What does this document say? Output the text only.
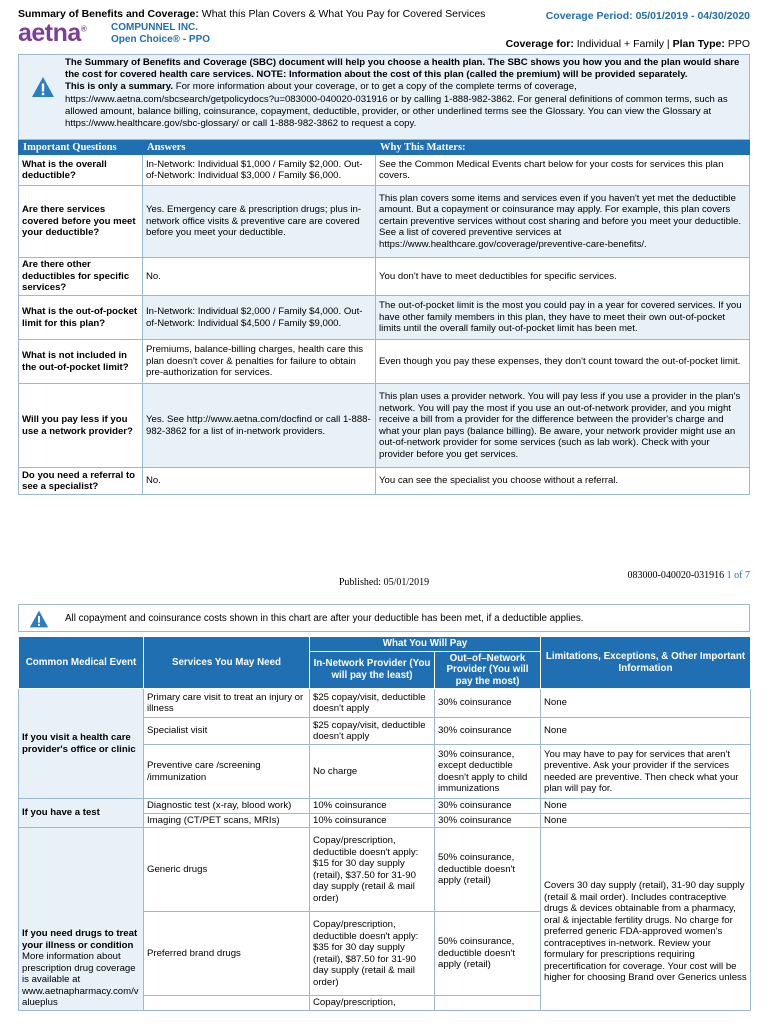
Summary of Benefits and Coverage: What this Plan Covers & What You Pay for Covered Services	Coverage Period: 05/01/2019 - 04/30/2020
aetna® COMPUNNEL INC.
Open Choice® - PPO	Coverage for: Individual + Family | Plan Type: PPO
The Summary of Benefits and Coverage (SBC) document will help you choose a health plan. The SBC shows you how you and the plan would share the cost for covered health care services. NOTE: Information about the cost of this plan (called the premium) will be provided separately.
This is only a summary. For more information about your coverage, or to get a copy of the complete terms of coverage, https://www.aetna.com/sbcsearch/getpolicydocs?u=083000-040020-031916 or by calling 1-888-982-3862. For general definitions of common terms, such as allowed amount, balance billing, coinsurance, copayment, deductible, provider, or other underlined terms see the Glossary. You can view the Glossary at https://www.healthcare.gov/sbc-glossary/ or call 1-888-982-3862 to request a copy.
Important Questions	Answers	Why This Matters:
What is the overall deductible?	In-Network: Individual $1,000 / Family $2,000. Out-of-Network: Individual $3,000 / Family $6,000.	See the Common Medical Events chart below for your costs for services this plan covers.
Are there services covered before you meet your deductible?	Yes. Emergency care & prescription drugs; plus in-network office visits & preventive care are covered before you meet your deductible.	This plan covers some items and services even if you haven't yet met the deductible amount. But a copayment or coinsurance may apply. For example, this plan covers certain preventive services without cost sharing and before you meet your deductible. See a list of covered preventive services at https://www.healthcare.gov/coverage/preventive-care-benefits/.
Are there other deductibles for specific services?	No.	You don't have to meet deductibles for specific services.
What is the out-of-pocket limit for this plan?	In-Network: Individual $2,000 / Family $4,000. Out-of-Network: Individual $4,500 / Family $9,000.	The out-of-pocket limit is the most you could pay in a year for covered services. If you have other family members in this plan, they have to meet their own out-of-pocket limits until the overall family out-of-pocket limit has been met.
What is not included in the out-of-pocket limit?	Premiums, balance-billing charges, health care this plan doesn't cover & penalties for failure to obtain pre-authorization for services.	Even though you pay these expenses, they don't count toward the out-of-pocket limit.
Will you pay less if you use a network provider?	Yes. See http://www.aetna.com/docfind or call 1-888-982-3862 for a list of in-network providers.	This plan uses a provider network. You will pay less if you use a provider in the plan's network. You will pay the most if you use an out-of-network provider, and you might receive a bill from a provider for the difference between the provider's charge and what your plan pays (balance billing). Be aware, your network provider might use an out-of-network provider for some services (such as lab work). Check with your provider before you get services.
Do you need a referral to see a specialist?	No.	You can see the specialist you choose without a referral.
Published: 05/01/2019
083000-040020-031916 1 of 7
All copayment and coinsurance costs shown in this chart are after your deductible has been met, if a deductible applies.
Common Medical Event	Services You May Need	What You Will Pay		Limitations, Exceptions, & Other Important Information
		In-Network Provider (You will pay the least)	Out–of–Network Provider (You will pay the most)	
If you visit a health care provider's office or clinic	Primary care visit to treat an injury or illness	$25 copay/visit, deductible doesn't apply	30% coinsurance	None
	Specialist visit	$25 copay/visit, deductible doesn't apply	30% coinsurance	None
	Preventive care /screening /immunization	No charge	30% coinsurance, except deductible doesn't apply to child immunizations	You may have to pay for services that aren't preventive. Ask your provider if the services needed are preventive. Then check what your plan will pay for.
If you have a test	Diagnostic test (x-ray, blood work)	10% coinsurance	30% coinsurance	None
	Imaging (CT/PET scans, MRIs)	10% coinsurance	30% coinsurance	None

If you need drugs to treat your illness or condition
More information about prescription drug coverage is available at www.aetnapharmacy.com/v alueplus	Generic drugs	Copay/prescription, deductible doesn't apply: $15 for 30 day supply (retail), $37.50 for 31-90 day supply (retail & mail order)	50% coinsurance, deductible doesn't apply (retail)	Covers 30 day supply (retail), 31-90 day supply (retail & mail order). Includes contraceptive drugs & devices obtainable from a pharmacy, oral & injectable fertility drugs. No charge for preferred generic FDA-approved women's contraceptives in-network. Review your formulary for prescriptions requiring precertification for coverage. Your cost will be higher for choosing Brand over Generics unless
	Preferred brand drugs	Copay/prescription, deductible doesn't apply: $35 for 30 day supply (retail), $87.50 for 31-90 day supply (retail & mail order)	50% coinsurance, deductible doesn't apply (retail)	
		Copay/prescription,		
